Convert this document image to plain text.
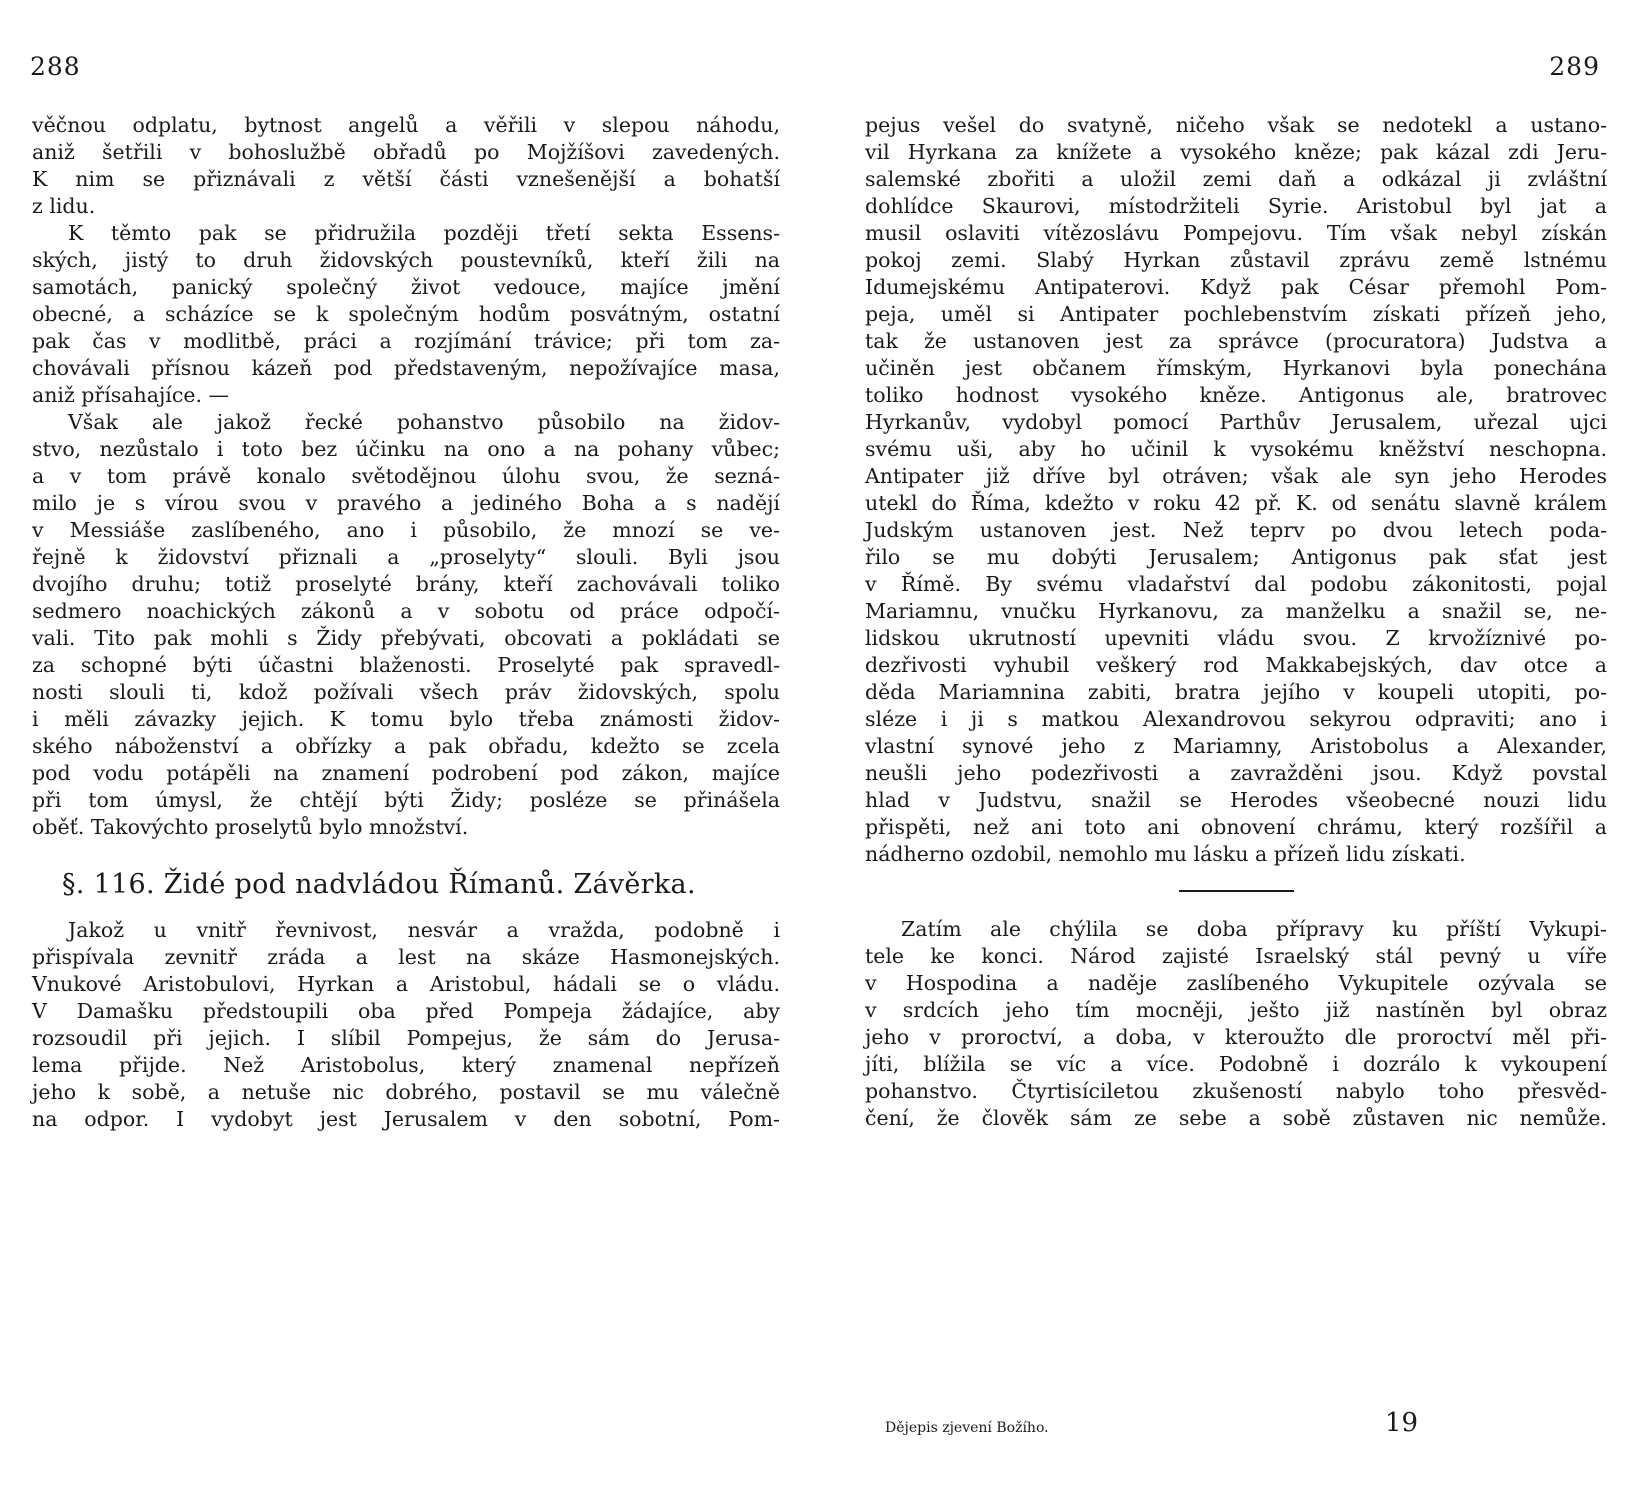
288
věčnou odplatu, bytnost angelů a věřili v slepou náhodu,
aniž šetřili v bohoslužbě obřadů po Mojžíšovi zavedených.
K nim se přiznávali z větší části vznešenější a bohatší
z lidu.
K těmto pak se přidružila později třetí sekta Essens-
ských, jistý to druh židovských poustevníků, kteří žili na
samotách, panický společný život vedouce, majíce jmění
obecné, a scházíce se k společným hodům posvátným, ostatní
pak čas v modlitbě, práci a rozjímání trávice; při tom za-
chovávali přísnou kázeň pod představeným, nepožívajíce masa,
aniž přísahajíce. —
Však ale jakož řecké pohanstvo působilo na židov-
stvo, nezůstalo i toto bez účinku na ono a na pohany vůbec;
a v tom právě konalo světodějnou úlohu svou, že sezná-
milo je s vírou svou v pravého a jediného Boha a s nadějí
v Messiáše zaslíbeného, ano i působilo, že mnozí se ve-
řejně k židovství přiznali a „proselyty“ slouli. Byli jsou
dvojího druhu; totiž proselyté brány, kteří zachovávali toliko
sedmero noachických zákonů a v sobotu od práce odpočí-
vali. Tito pak mohli s Židy přebývati, obcovati a pokládati se
za schopné býti účastni blaženosti. Proselyté pak spravedl-
nosti slouli ti, kdož požívali všech práv židovských, spolu
i měli závazky jejich. K tomu bylo třeba známosti židov-
ského náboženství a obřízky a pak obřadu, kdežto se zcela
pod vodu potápěli na znamení podrobení pod zákon, majíce
při tom úmysl, že chtějí býti Židy; posléze se přinášela
oběť. Takovýchto proselytů bylo množství.
§. 116. Židé pod nadvládou Římanů. Závěrka.
Jakož u vnitř řevnivost, nesvár a vražda, podobně i
přispívala zevnitř zráda a lest na skáze Hasmonejských.
Vnukové Aristobulovi, Hyrkan a Aristobul, hádali se o vládu.
V Damašku předstoupili oba před Pompeja žádajíce, aby
rozsoudil při jejich. I slíbil Pompejus, že sám do Jerusa-
lema přijde. Než Aristobolus, který znamenal nepřízeň
jeho k sobě, a netuše nic dobrého, postavil se mu válečně
na odpor. I vydobyt jest Jerusalem v den sobotní, Pom-
289
pejus vešel do svatyně, ničeho však se nedotekl a ustano-
vil Hyrkana za knížete a vysokého kněze; pak kázal zdi Jeru-
salemské zbořiti a uložil zemi daň a odkázal ji zvláštní
dohlídce Skaurovi, místodržiteli Syrie. Aristobul byl jat a
musil oslaviti vítězoslávu Pompejovu. Tím však nebyl získán
pokoj zemi. Slabý Hyrkan zůstavil zprávu země lstnému
Idumejskému Antipaterovi. Když pak César přemohl Pom-
peja, uměl si Antipater pochlebenstvím získati přízeň jeho,
tak že ustanoven jest za správce (procuratora) Judstva a
učiněn jest občanem římským, Hyrkanovi byla ponechána
toliko hodnost vysokého kněze. Antigonus ale, bratrovec
Hyrkanův, vydobyl pomocí Parthův Jerusalem, uřezal ujci
svému uši, aby ho učinil k vysokému kněžství neschopna.
Antipater již dříve byl otráven; však ale syn jeho Herodes
utekl do Říma, kdežto v roku 42 př. K. od senátu slavně králem
Judským ustanoven jest. Než teprv po dvou letech poda-
řilo se mu dobýti Jerusalem; Antigonus pak sťat jest
v Římě. By svému vladařství dal podobu zákonitosti, pojal
Mariamnu, vnučku Hyrkanovu, za manželku a snažil se, ne-
lidskou ukrutností upevniti vládu svou. Z krvožíznivé po-
dezřivosti vyhubil veškerý rod Makkabejských, dav otce a
děda Mariamnina zabiti, bratra jejího v koupeli utopiti, po-
sléze i ji s matkou Alexandrovou sekyrou odpraviti; ano i
vlastní synové jeho z Mariamny, Aristobolus a Alexander,
neušli jeho podezřivosti a zavražděni jsou. Když povstal
hlad v Judstvu, snažil se Herodes všeobecné nouzi lidu
přispěti, než ani toto ani obnovení chrámu, který rozšířil a
nádherno ozdobil, nemohlo mu lásku a přízeň lidu získati.
Zatím ale chýlila se doba přípravy ku příští Vykupi-
tele ke konci. Národ zajisté Israelský stál pevný u víře
v Hospodina a naděje zaslíbeného Vykupitele ozývala se
v srdcích jeho tím mocněji, ješto již nastíněn byl obraz
jeho v proroctví, a doba, v kteroužto dle proroctví měl při-
jíti, blížila se víc a více. Podobně i dozrálo k vykoupení
pohanstvo. Čtyrtisíciletou zkušeností nabylo toho přesvěd-
čení, že člověk sám ze sebe a sobě zůstaven nic nemůže.
Dějepis zjevení Božího.	19
